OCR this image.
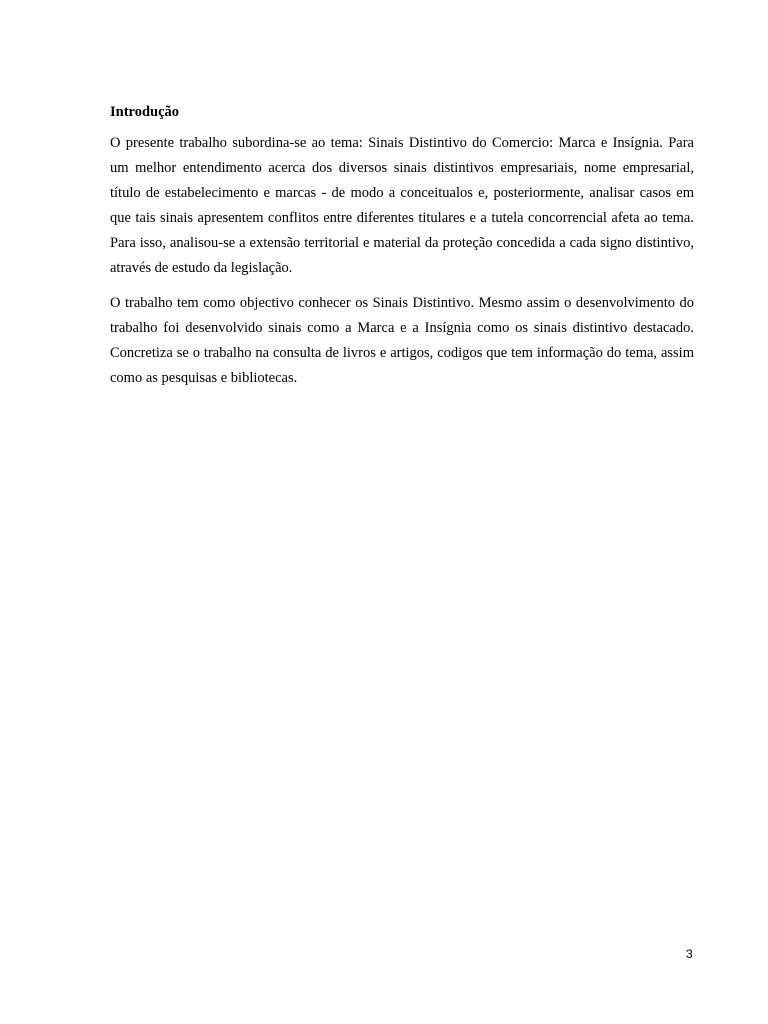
Introdução

O presente trabalho subordina-se ao tema: Sinais Distintivo do Comercio: Marca e Insígnia. Para um melhor entendimento acerca dos diversos sinais distintivos empresariais, nome empresarial, título de estabelecimento e marcas - de modo a conceitualos e, posteriormente, analisar casos em que tais sinais apresentem conflitos entre diferentes titulares e a tutela concorrencial afeta ao tema. Para isso, analisou-se a extensão territorial e material da proteção concedida a cada signo distintivo, através de estudo da legislação.

O trabalho tem como objectivo conhecer os Sinais Distintivo. Mesmo assim o desenvolvimento do trabalho foi desenvolvido sinais como a Marca e a Insígnia como os sinais distintivo destacado. Concretiza se o trabalho na consulta de livros e artigos, codigos que tem informação do tema, assim como as pesquisas e bibliotecas.

3
